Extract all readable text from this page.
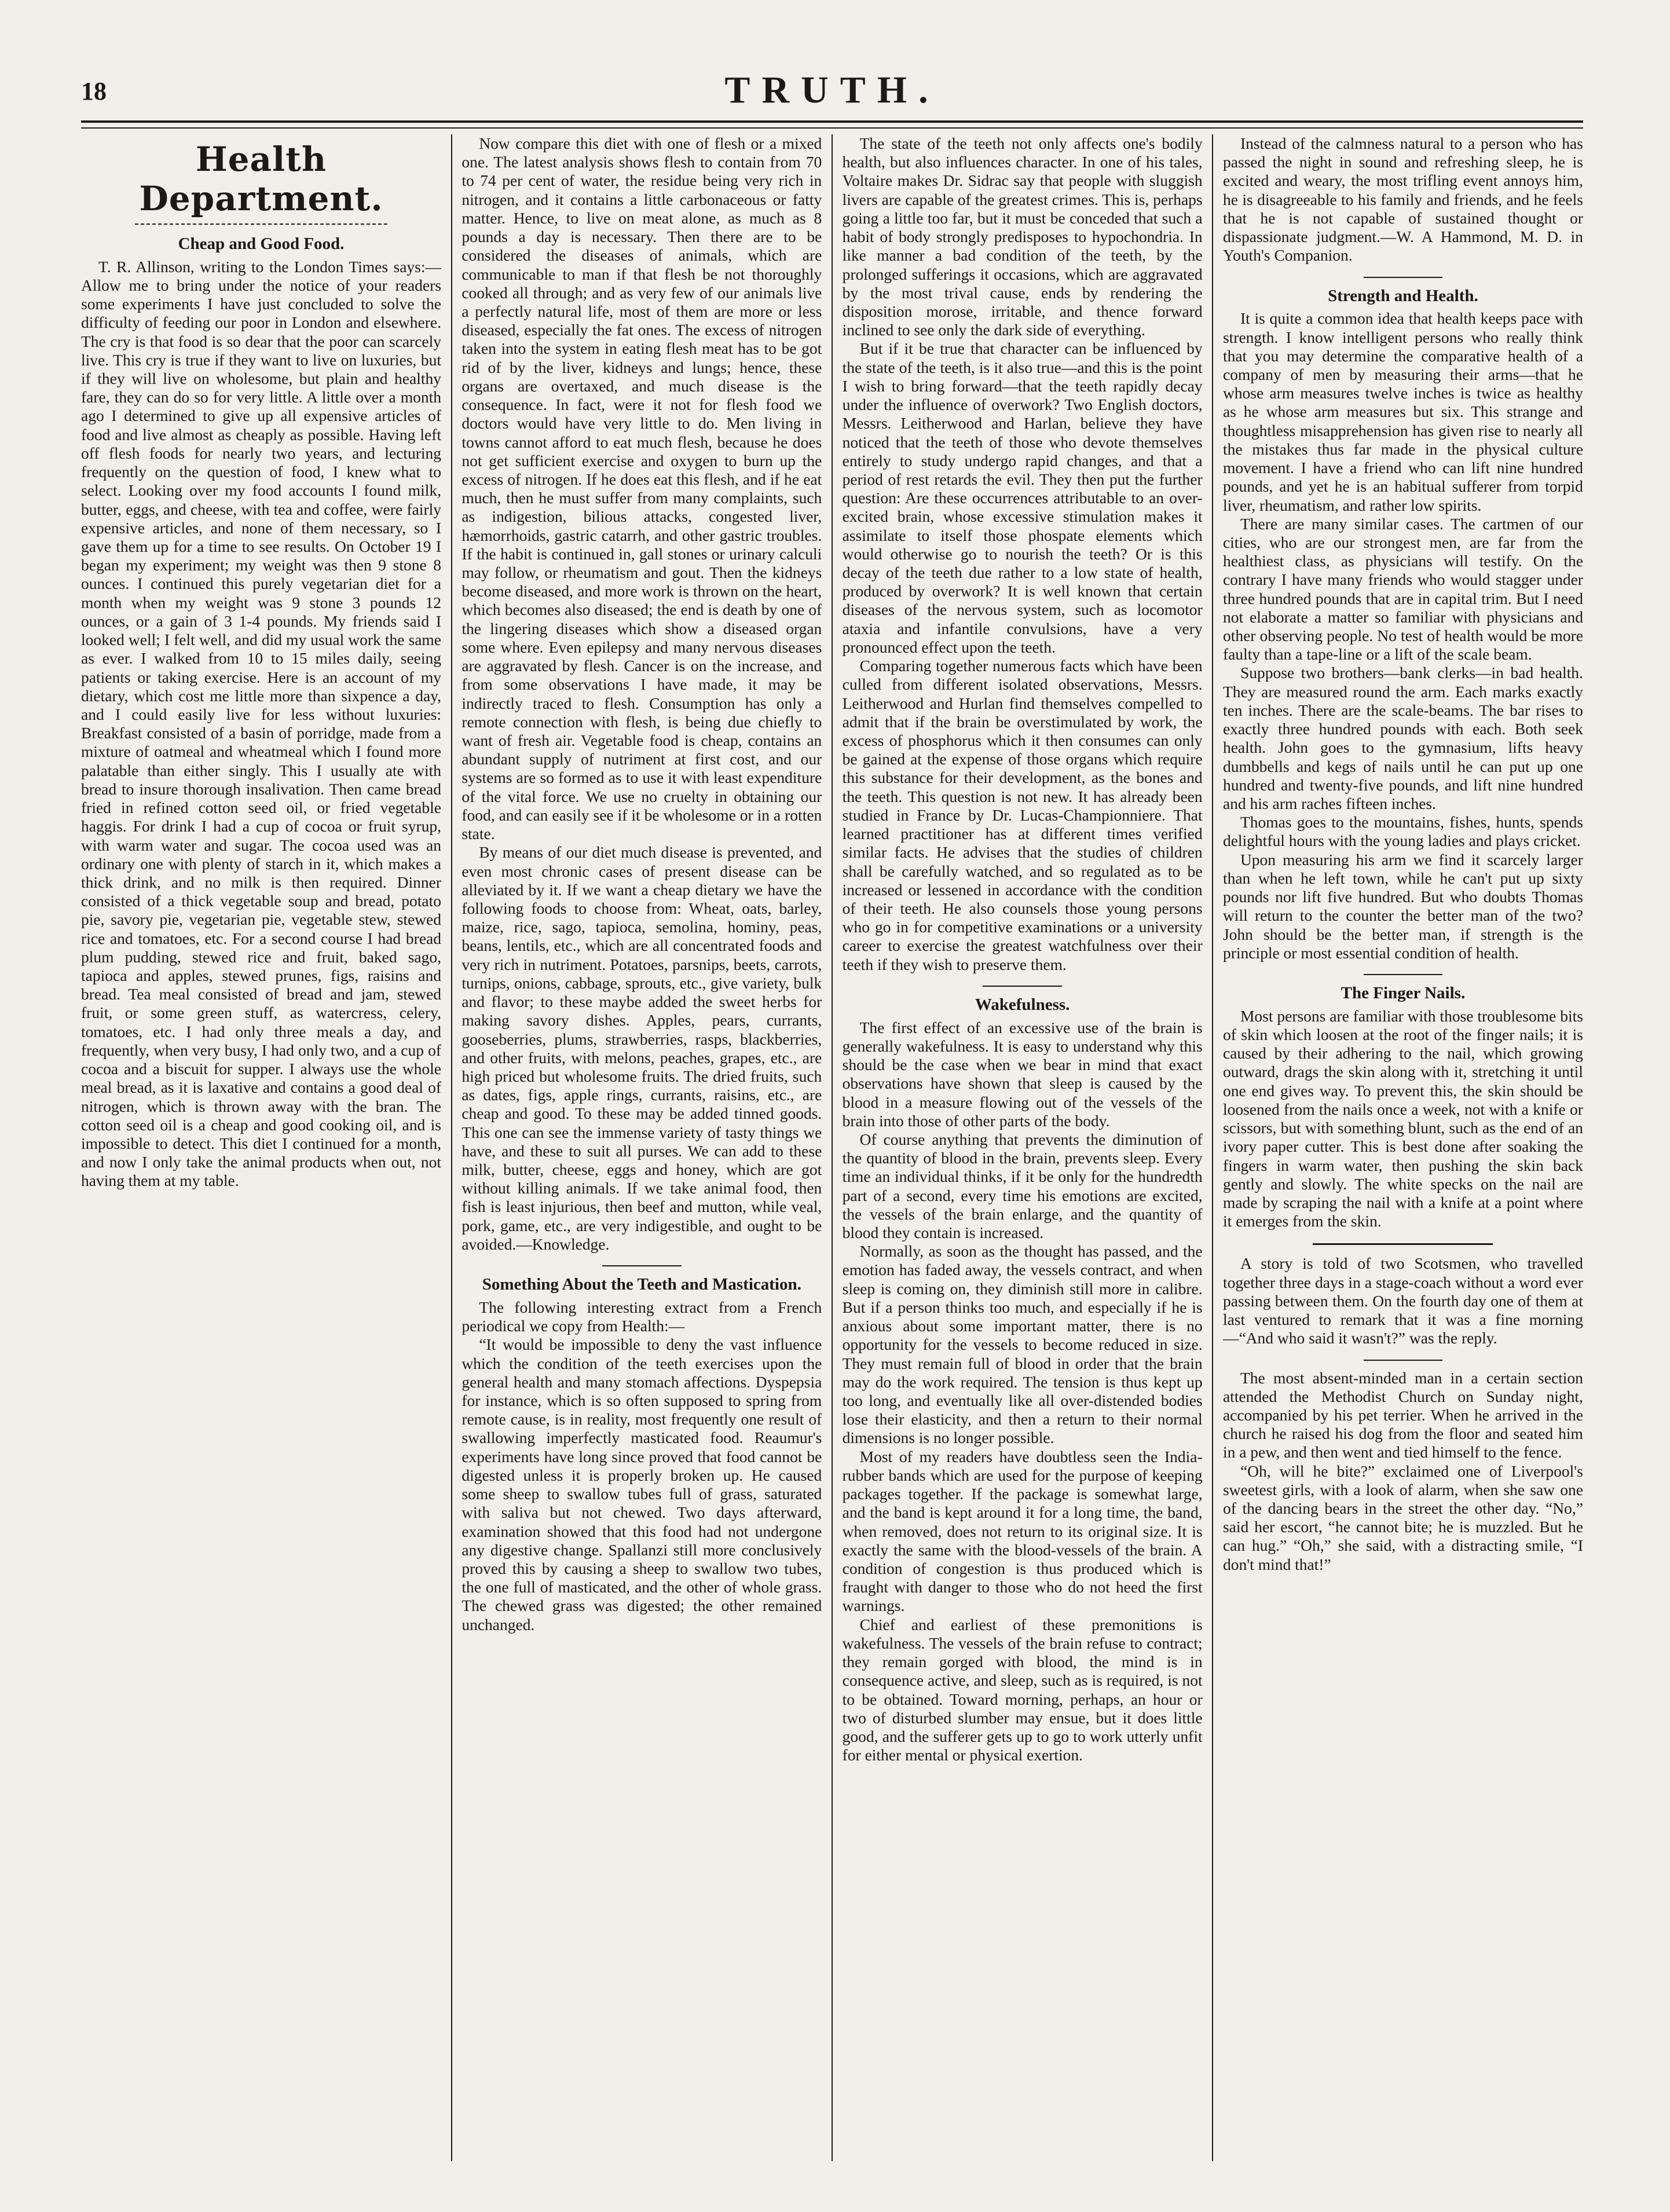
18	TRUTH.
Health Department.
Cheap and Good Food.

T. R. Allinson, writing to the London Times says:—Allow me to bring under the notice of your readers some experiments I have just concluded to solve the difficulty of feeding our poor in London and elsewhere. The cry is that food is so dear that the poor can scarcely live. This cry is true if they want to live on luxuries, but if they will live on wholesome, but plain and healthy fare, they can do so for very little. A little over a month ago I determined to give up all expensive articles of food and live almost as cheaply as possible. Having left off flesh foods for nearly two years, and lecturing frequently on the question of food, I knew what to select. Looking over my food accounts I found milk, butter, eggs, and cheese, with tea and coffee, were fairly expensive articles, and none of them necessary, so I gave them up for a time to see results. On October 19 I began my experiment; my weight was then 9 stone 8 ounces. I continued this purely vegetarian diet for a month when my weight was 9 stone 3 pounds 12 ounces, or a gain of 3 1-4 pounds. My friends said I looked well; I felt well, and did my usual work the same as ever. I walked from 10 to 15 miles daily, seeing patients or taking exercise. Here is an account of my dietary, which cost me little more than sixpence a day, and I could easily live for less without luxuries: Breakfast consisted of a basin of porridge, made from a mixture of oatmeal and wheatmeal which I found more palatable than either singly. This I usually ate with bread to insure thorough insalivation. Then came bread fried in refined cotton seed oil, or fried vegetable haggis. For drink I had a cup of cocoa or fruit syrup, with warm water and sugar. The cocoa used was an ordinary one with plenty of starch in it, which makes a thick drink, and no milk is then required. Dinner consisted of a thick vegetable soup and bread, potato pie, savory pie, vegetarian pie, vegetable stew, stewed rice and tomatoes, etc. For a second course I had bread plum pudding, stewed rice and fruit, baked sago, tapioca and apples, stewed prunes, figs, raisins and bread. Tea meal consisted of bread and jam, stewed fruit, or some green stuff, as watercress, celery, tomatoes, etc. I had only three meals a day, and frequently, when very busy, I had only two, and a cup of cocoa and a biscuit for supper. I always use the whole meal bread, as it is laxative and contains a good deal of nitrogen, which is thrown away with the bran. The cotton seed oil is a cheap and good cooking oil, and is impossible to detect. This diet I continued for a month, and now I only take the animal products when out, not having them at my table.

Now compare this diet with one of flesh or a mixed one. The latest analysis shows flesh to contain from 70 to 74 per cent of water, the residue being very rich in nitrogen, and it contains a little carbonaceous or fatty matter. Hence, to live on meat alone, as much as 8 pounds a day is necessary. Then there are to be considered the diseases of animals, which are communicable to man if that flesh be not thoroughly cooked all through; and as very few of our animals live a perfectly natural life, most of them are more or less diseased, especially the fat ones. The excess of nitrogen taken into the system in eating flesh meat has to be got rid of by the liver, kidneys and lungs; hence, these organs are overtaxed, and much disease is the consequence. In fact, were it not for flesh food we doctors would have very little to do. Men living in towns cannot afford to eat much flesh, because he does not get sufficient exercise and oxygen to burn up the excess of nitrogen. If he does eat this flesh, and if he eat much, then he must suffer from many complaints, such as indigestion, bilious attacks, congested liver, hæmorrhoids, gastric catarrh, and other gastric troubles. If the habit is continued in, gall stones or urinary calculi may follow, or rheumatism and gout. Then the kidneys become diseased, and more work is thrown on the heart, which becomes also diseased; the end is death by one of the lingering diseases which show a diseased organ some where. Even epilepsy and many nervous diseases are aggravated by flesh. Cancer is on the increase, and from some observations I have made, it may be indirectly traced to flesh. Consumption has only a remote connection with flesh, is being due chiefly to want of fresh air. Vegetable food is cheap, contains an abundant supply of nutriment at first cost, and our systems are so formed as to use it with least expenditure of the vital force. We use no cruelty in obtaining our food, and can easily see if it be wholesome or in a rotten state.

By means of our diet much disease is prevented, and even most chronic cases of present disease can be alleviated by it. If we want a cheap dietary we have the following foods to choose from: Wheat, oats, barley, maize, rice, sago, tapioca, semolina, hominy, peas, beans, lentils, etc., which are all concentrated foods and very rich in nutriment. Potatoes, parsnips, beets, carrots, turnips, onions, cabbage, sprouts, etc., give variety, bulk and flavor; to these maybe added the sweet herbs for making savory dishes. Apples, pears, currants, gooseberries, plums, strawberries, rasps, blackberries, and other fruits, with melons, peaches, grapes, etc., are high priced but wholesome fruits. The dried fruits, such as dates, figs, apple rings, currants, raisins, etc., are cheap and good. To these may be added tinned goods. This one can see the immense variety of tasty things we have, and these to suit all purses. We can add to these milk, butter, cheese, eggs and honey, which are got without killing animals. If we take animal food, then fish is least injurious, then beef and mutton, while veal, pork, game, etc., are very indigestible, and ought to be avoided.—Knowledge.

Something About the Teeth and Mastication.

The following interesting extract from a French periodical we copy from Health:—

“It would be impossible to deny the vast influence which the condition of the teeth exercises upon the general health and many stomach affections. Dyspepsia for instance, which is so often supposed to spring from remote cause, is in reality, most frequently one result of swallowing imperfectly masticated food. Reaumur's experiments have long since proved that food cannot be digested unless it is properly broken up. He caused some sheep to swallow tubes full of grass, saturated with saliva but not chewed. Two days afterward, examination showed that this food had not undergone any digestive change. Spallanzi still more conclusively proved this by causing a sheep to swallow two tubes, the one full of masticated, and the other of whole grass. The chewed grass was digested; the other remained unchanged.

The state of the teeth not only affects one's bodily health, but also influences character. In one of his tales, Voltaire makes Dr. Sidrac say that people with sluggish livers are capable of the greatest crimes. This is, perhaps going a little too far, but it must be conceded that such a habit of body strongly predisposes to hypochondria. In like manner a bad condition of the teeth, by the prolonged sufferings it occasions, which are aggravated by the most trival cause, ends by rendering the disposition morose, irritable, and thence forward inclined to see only the dark side of everything.

But if it be true that character can be influenced by the state of the teeth, is it also true—and this is the point I wish to bring forward—that the teeth rapidly decay under the influence of overwork? Two English doctors, Messrs. Leitherwood and Harlan, believe they have noticed that the teeth of those who devote themselves entirely to study undergo rapid changes, and that a period of rest retards the evil. They then put the further question: Are these occurrences attributable to an over-excited brain, whose excessive stimulation makes it assimilate to itself those phospate elements which would otherwise go to nourish the teeth? Or is this decay of the teeth due rather to a low state of health, produced by overwork? It is well known that certain diseases of the nervous system, such as locomotor ataxia and infantile convulsions, have a very pronounced effect upon the teeth.

Comparing together numerous facts which have been culled from different isolated observations, Messrs. Leitherwood and Hurlan find themselves compelled to admit that if the brain be overstimulated by work, the excess of phosphorus which it then consumes can only be gained at the expense of those organs which require this substance for their development, as the bones and the teeth. This question is not new. It has already been studied in France by Dr. Lucas-Championniere. That learned practitioner has at different times verified similar facts. He advises that the studies of children shall be carefully watched, and so regulated as to be increased or lessened in accordance with the condition of their teeth. He also counsels those young persons who go in for competitive examinations or a university career to exercise the greatest watchfulness over their teeth if they wish to preserve them.

Wakefulness.

The first effect of an excessive use of the brain is generally wakefulness. It is easy to understand why this should be the case when we bear in mind that exact observations have shown that sleep is caused by the blood in a measure flowing out of the vessels of the brain into those of other parts of the body.

Of course anything that prevents the diminution of the quantity of blood in the brain, prevents sleep. Every time an individual thinks, if it be only for the hundredth part of a second, every time his emotions are excited, the vessels of the brain enlarge, and the quantity of blood they contain is increased.

Normally, as soon as the thought has passed, and the emotion has faded away, the vessels contract, and when sleep is coming on, they diminish still more in calibre. But if a person thinks too much, and especially if he is anxious about some important matter, there is no opportunity for the vessels to become reduced in size. They must remain full of blood in order that the brain may do the work required. The tension is thus kept up too long, and eventually like all over-distended bodies lose their elasticity, and then a return to their normal dimensions is no longer possible.

Most of my readers have doubtless seen the India-rubber bands which are used for the purpose of keeping packages together. If the package is somewhat large, and the band is kept around it for a long time, the band, when removed, does not return to its original size. It is exactly the same with the blood-vessels of the brain. A condition of congestion is thus produced which is fraught with danger to those who do not heed the first warnings.

Chief and earliest of these premonitions is wakefulness. The vessels of the brain refuse to contract; they remain gorged with blood, the mind is in consequence active, and sleep, such as is required, is not to be obtained. Toward morning, perhaps, an hour or two of disturbed slumber may ensue, but it does little good, and the sufferer gets up to go to work utterly unfit for either mental or physical exertion.

Instead of the calmness natural to a person who has passed the night in sound and refreshing sleep, he is excited and weary, the most trifling event annoys him, he is disagreeable to his family and friends, and he feels that he is not capable of sustained thought or dispassionate judgment.—W. A Hammond, M. D. in Youth's Companion.

Strength and Health.

It is quite a common idea that health keeps pace with strength. I know intelligent persons who really think that you may determine the comparative health of a company of men by measuring their arms—that he whose arm measures twelve inches is twice as healthy as he whose arm measures but six. This strange and thoughtless misapprehension has given rise to nearly all the mistakes thus far made in the physical culture movement. I have a friend who can lift nine hundred pounds, and yet he is an habitual sufferer from torpid liver, rheumatism, and rather low spirits.

There are many similar cases. The cartmen of our cities, who are our strongest men, are far from the healthiest class, as physicians will testify. On the contrary I have many friends who would stagger under three hundred pounds that are in capital trim. But I need not elaborate a matter so familiar with physicians and other observing people. No test of health would be more faulty than a tape-line or a lift of the scale beam.

Suppose two brothers—bank clerks—in bad health. They are measured round the arm. Each marks exactly ten inches. There are the scale-beams. The bar rises to exactly three hundred pounds with each. Both seek health. John goes to the gymnasium, lifts heavy dumbbells and kegs of nails until he can put up one hundred and twenty-five pounds, and lift nine hundred and his arm raches fifteen inches.

Thomas goes to the mountains, fishes, hunts, spends delightful hours with the young ladies and plays cricket.

Upon measuring his arm we find it scarcely larger than when he left town, while he can't put up sixty pounds nor lift five hundred. But who doubts Thomas will return to the counter the better man of the two? John should be the better man, if strength is the principle or most essential condition of health.

The Finger Nails.

Most persons are familiar with those troublesome bits of skin which loosen at the root of the finger nails; it is caused by their adhering to the nail, which growing outward, drags the skin along with it, stretching it until one end gives way. To prevent this, the skin should be loosened from the nails once a week, not with a knife or scissors, but with something blunt, such as the end of an ivory paper cutter. This is best done after soaking the fingers in warm water, then pushing the skin back gently and slowly. The white specks on the nail are made by scraping the nail with a knife at a point where it emerges from the skin.

A story is told of two Scotsmen, who travelled together three days in a stage-coach without a word ever passing between them. On the fourth day one of them at last ventured to remark that it was a fine morning—“And who said it wasn't?” was the reply.

The most absent-minded man in a certain section attended the Methodist Church on Sunday night, accompanied by his pet terrier. When he arrived in the church he raised his dog from the floor and seated him in a pew, and then went and tied himself to the fence.

“Oh, will he bite?” exclaimed one of Liverpool's sweetest girls, with a look of alarm, when she saw one of the dancing bears in the street the other day. “No,” said her escort, “he cannot bite; he is muzzled. But he can hug.” “Oh,” she said, with a distracting smile, “I don't mind that!”
